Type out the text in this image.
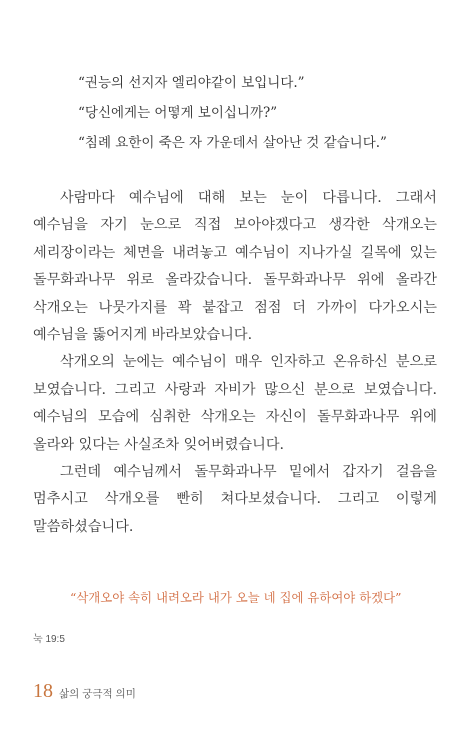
“권능의 선지자 엘리야같이 보입니다.”
“당신에게는 어떻게 보이십니까?”
“침례 요한이 죽은 자 가운데서 살아난 것 같습니다.”

사람마다 예수님에 대해 보는 눈이 다릅니다. 그래서 예수님을 자기 눈으로 직접 보아야겠다고 생각한 삭개오는 세리장이라는 체면을 내려놓고 예수님이 지나가실 길목에 있는 돌무화과나무 위로 올라갔습니다. 돌무화과나무 위에 올라간 삭개오는 나뭇가지를 꽉 붙잡고 점점 더 가까이 다가오시는 예수님을 뚫어지게 바라보았습니다.

삭개오의 눈에는 예수님이 매우 인자하고 온유하신 분으로 보였습니다. 그리고 사랑과 자비가 많으신 분으로 보였습니다. 예수님의 모습에 심취한 삭개오는 자신이 돌무화과나무 위에 올라와 있다는 사실조차 잊어버렸습니다.

그런데 예수님께서 돌무화과나무 밑에서 갑자기 걸음을 멈추시고 삭개오를 빤히 쳐다보셨습니다. 그리고 이렇게 말씀하셨습니다.

“삭개오야 속히 내려오라 내가 오늘 네 집에 유하여야 하겠다”
눅 19:5
18 삶의 궁극적 의미
